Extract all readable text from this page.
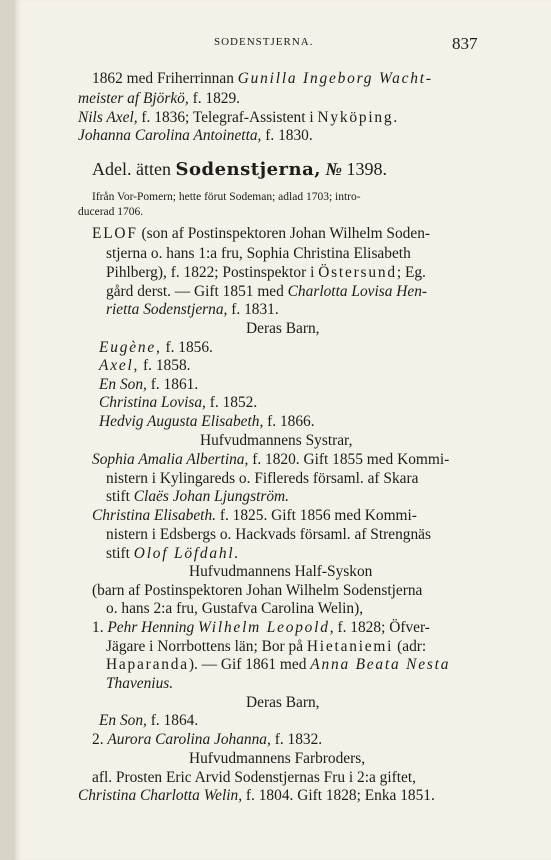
SODENSTJERNA.	837
1862 med Friherrinnan Gunilla Ingeborg Wacht-
meister af Björkö, f. 1829.
Nils Axel, f. 1836; Telegraf-Assistent i Nyköping.
Johanna Carolina Antoinetta, f. 1830.
Adel. ätten Sodenstjerna, № 1398.
Ifrån Vor-Pomern; hette förut Sodeman; adlad 1703; intro-
ducerad 1706.
ELOF (son af Postinspektoren Johan Wilhelm Soden-
stjerna o. hans 1:a fru, Sophia Christina Elisabeth
Pihlberg), f. 1822; Postinspektor i Östersund; Eg.
gård derst. — Gift 1851 med Charlotta Lovisa Hen-
rietta Sodenstjerna, f. 1831.
Deras Barn,
Eugène, f. 1856.
Axel, f. 1858.
En Son, f. 1861.
Christina Lovisa, f. 1852.
Hedvig Augusta Elisabeth, f. 1866.
Hufvudmannens Systrar,
Sophia Amalia Albertina, f. 1820. Gift 1855 med Kommi-
nistern i Kylingareds o. Fiflereds församl. af Skara
stift Claës Johan Ljungström.
Christina Elisabeth. f. 1825. Gift 1856 med Kommi-
nistern i Edsbergs o. Hackvads församl. af Strengnäs
stift Olof Löfdahl.
Hufvudmannens Half-Syskon
(barn af Postinspektoren Johan Wilhelm Sodenstjerna
o. hans 2:a fru, Gustafva Carolina Welin),
1. Pehr Henning Wilhelm Leopold, f. 1828; Öfver-
Jägare i Norrbottens län; Bor på Hietaniemi (adr:
Haparanda). — Gif 1861 med Anna Beata Nesta
Thavenius.
Deras Barn,
En Son, f. 1864.
2. Aurora Carolina Johanna, f. 1832.
Hufvudmannens Farbroders,
afl. Prosten Eric Arvid Sodenstjernas Fru i 2:a giftet,
Christina Charlotta Welin, f. 1804. Gift 1828; Enka 1851.
